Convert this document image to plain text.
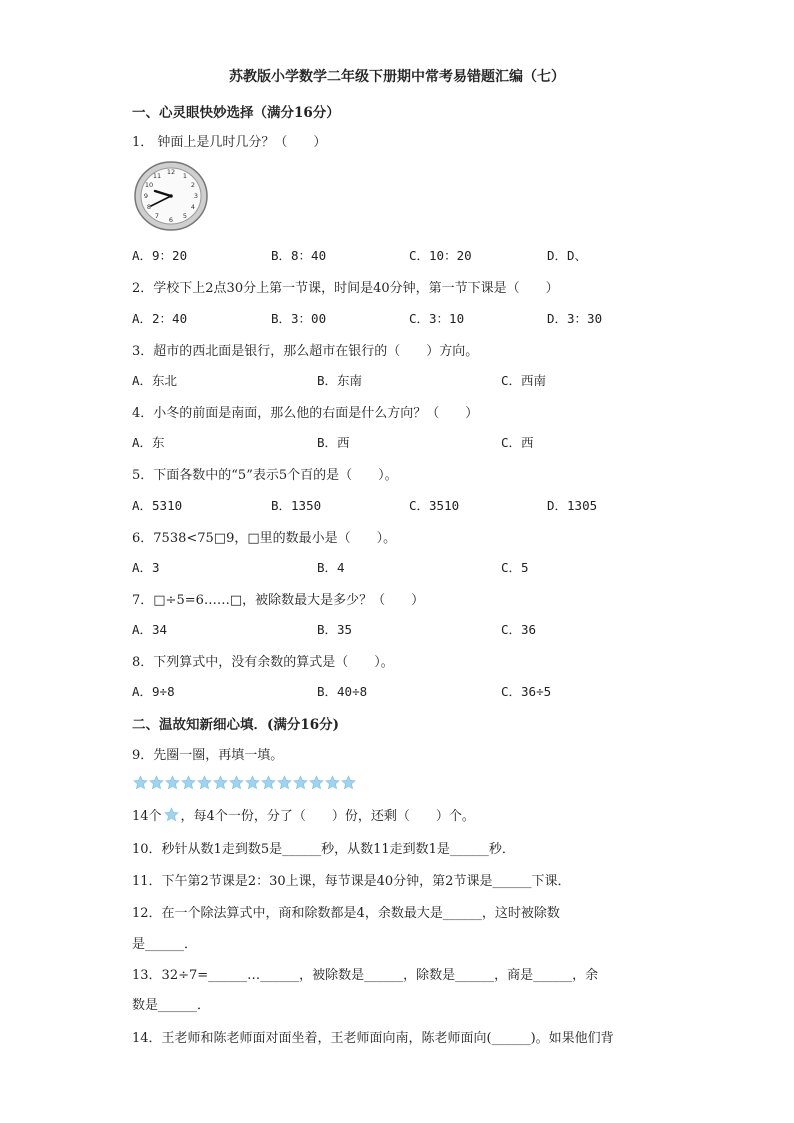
苏教版小学数学二年级下册期中常考易错题汇编（七）
一、心灵眼快妙选择（满分16分）
1． 钟面上是几时几分？（　　）
12 1
2
3
4
5
6
7
8
9
10
11
A．9：20	B．8：40	C．10：20	D．D、
2．学校下上2点30分上第一节课，时间是40分钟，第一节下课是（　　）
A．2：40	B．3：00	C．3：10	D．3：30
3．超市的西北面是银行，那么超市在银行的（　　）方向。
A．东北	B．东南	C．西南
4．小冬的前面是南面，那么他的右面是什么方向？（　　）
A．东	B．西	C．西
5．下面各数中的“5”表示5个百的是（　　）。
A．5310	B．1350	C．3510	D．1305
6．7538<75□9，□里的数最小是（　　）。
A．3	B．4	C．5
7．□÷5=6……□，被除数最大是多少？（　　）
A．34	B．35	C．36
8．下列算式中，没有余数的算式是（　　）。
A．9÷8	B．40÷8	C．36÷5
二、温故知新细心填．(满分16分)
9．先圈一圈，再填一填。
14个 ，每4个一份，分了（　　）份，还剩（　　）个。
10．秒针从数1走到数5是______秒，从数11走到数1是______秒．
11．下午第2节课是2：30上课，每节课是40分钟，第2节课是______下课．
12．在一个除法算式中，商和除数都是4，余数最大是______，这时被除数
是______．
13．32÷7=______…______，被除数是______，除数是______，商是______，余
数是______．
14．王老师和陈老师面对面坐着，王老师面向南，陈老师面向(______)。如果他们背
